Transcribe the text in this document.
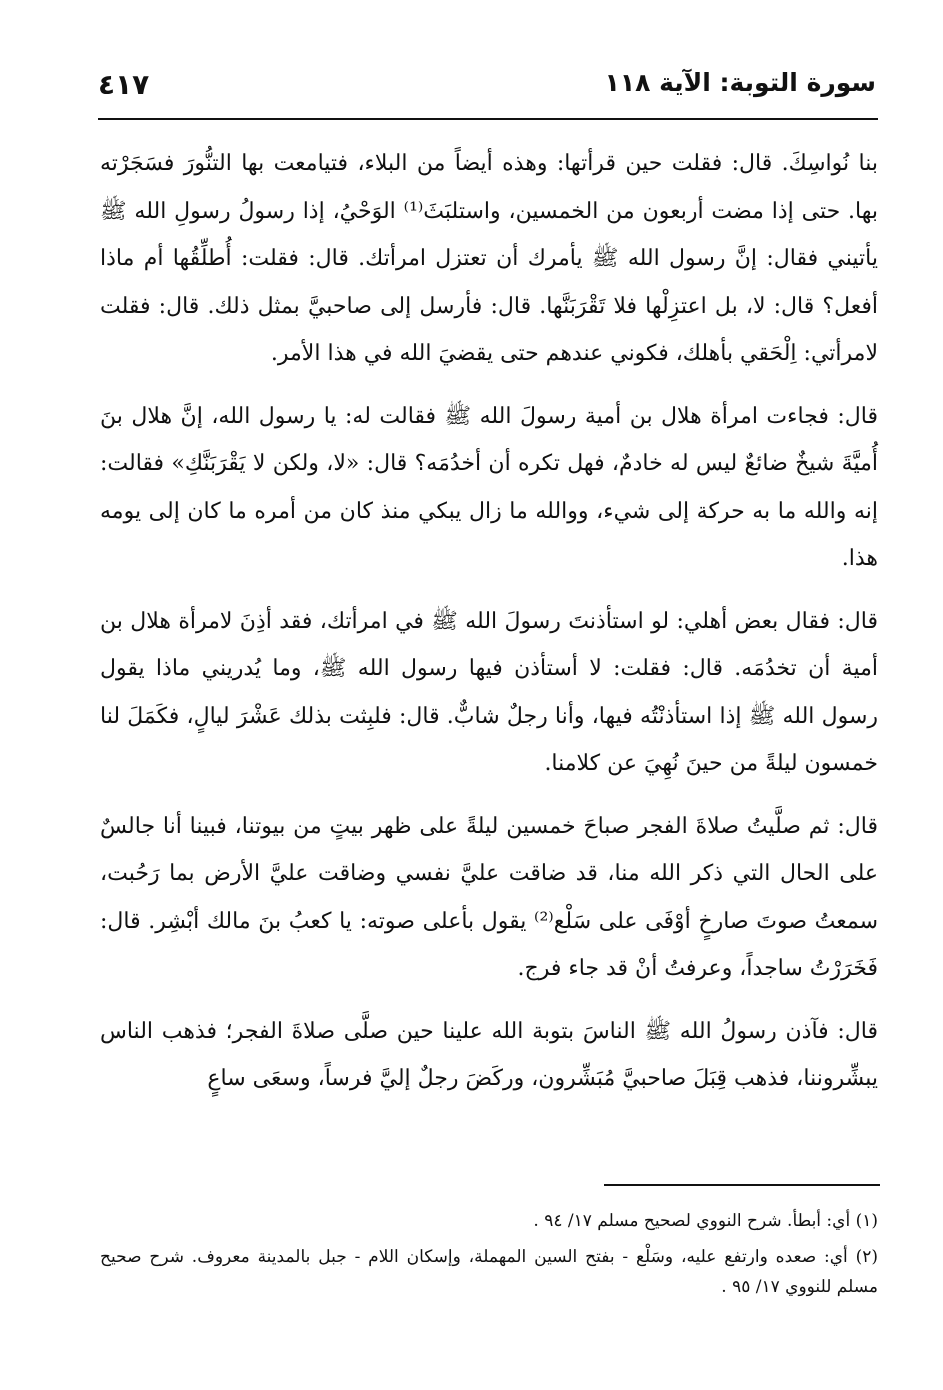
سورة التوبة: الآية ١١٨
٤١٧

بنا نُواسِكَ. قال: فقلت حين قرأتها: وهذه أيضاً من البلاء، فتيامعت بها التنُّورَ فسَجَرْته بها. حتى إذا مضت أربعون من الخمسين، واستلبَثَ⁽¹⁾ الوَحْيُ، إذا رسولُ رسولِ الله ﷺ يأتيني فقال: إنَّ رسول الله ﷺ يأمرك أن تعتزل امرأتك. قال: فقلت: أُطلِّقُها أم ماذا أفعل؟ قال: لا، بل اعتزِلْها فلا تَقْرَبَنَّها. قال: فأرسل إلى صاحبيَّ بمثل ذلك. قال: فقلت لامرأتي: اِلْحَقي بأهلك، فكوني عندهم حتى يقضيَ الله في هذا الأمر.

قال: فجاءت امرأة هلال بن أمية رسولَ الله ﷺ فقالت له: يا رسول الله، إنَّ هلال بنَ أُميَّةَ شيخٌ ضائعٌ ليس له خادمٌ، فهل تكره أن أخدُمَه؟ قال: «لا، ولكن لا يَقْرَبَنَّكِ» فقالت: إنه والله ما به حركة إلى شيء، ووالله ما زال يبكي منذ كان من أمره ما كان إلى يومه هذا.

قال: فقال بعض أهلي: لو استأذنتَ رسولَ الله ﷺ في امرأتك، فقد أذِنَ لامرأة هلال بن أمية أن تخدُمَه. قال: فقلت: لا أستأذن فيها رسول الله ﷺ، وما يُدريني ماذا يقول رسول الله ﷺ إذا استأذنْتُه فيها، وأنا رجلٌ شابٌّ. قال: فلبِثت بذلك عَشْرَ ليالٍ، فكَمَلَ لنا خمسون ليلةً من حينَ نُهِيَ عن كلامنا.

قال: ثم صلَّيتُ صلاةَ الفجر صباحَ خمسين ليلةً على ظهر بيتٍ من بيوتنا، فبينا أنا جالسٌ على الحال التي ذكر الله منا، قد ضاقت عليَّ نفسي وضاقت عليَّ الأرض بما رَحُبت، سمعتُ صوتَ صارخٍ أوْفَى على سَلْع⁽²⁾ يقول بأعلى صوته: يا كعبُ بنَ مالك أبْشِر. قال: فَخَرَرْتُ ساجداً، وعرفتُ أنْ قد جاء فرج.

قال: فآذن رسولُ الله ﷺ الناسَ بتوبة الله علينا حين صلَّى صلاةَ الفجر؛ فذهب الناس يبشِّروننا، فذهب قِبَلَ صاحبيَّ مُبَشِّرون، وركَضَ رجلٌ إليَّ فرساً، وسعَى ساعٍ

(١) أي: أبطأ. شرح النووي لصحيح مسلم ١٧/ ٩٤ .

(٢) أي: صعده وارتفع عليه، وسَلْع - بفتح السين المهملة، وإسكان اللام - جبل بالمدينة معروف. شرح صحيح مسلم للنووي ١٧/ ٩٥ .
